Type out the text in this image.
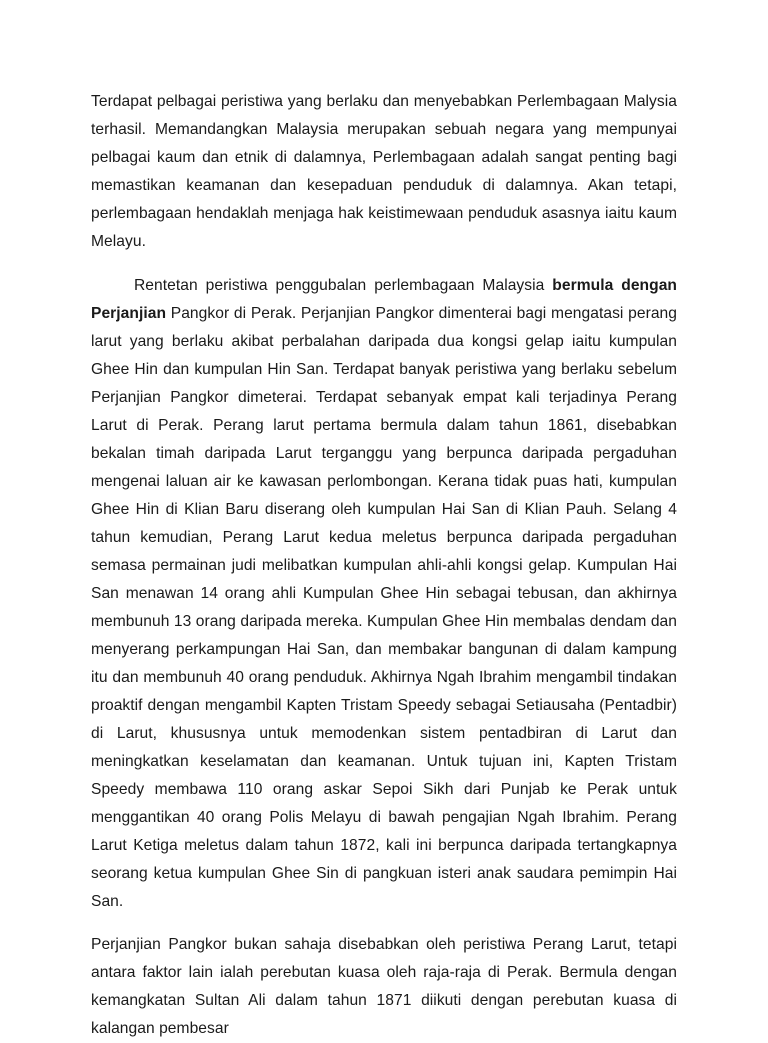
Terdapat pelbagai peristiwa yang berlaku dan menyebabkan Perlembagaan Malysia terhasil. Memandangkan Malaysia merupakan sebuah negara yang mempunyai pelbagai kaum dan etnik di dalamnya, Perlembagaan adalah sangat penting bagi memastikan keamanan dan kesepaduan penduduk di dalamnya. Akan tetapi, perlembagaan hendaklah menjaga hak keistimewaan penduduk asasnya iaitu kaum Melayu.

Rentetan peristiwa penggubalan perlembagaan Malaysia bermula dengan Perjanjian Pangkor di Perak. Perjanjian Pangkor dimenterai bagi mengatasi perang larut yang berlaku akibat perbalahan daripada dua kongsi gelap iaitu kumpulan Ghee Hin dan kumpulan Hin San. Terdapat banyak peristiwa yang berlaku sebelum Perjanjian Pangkor dimeterai. Terdapat sebanyak empat kali terjadinya Perang Larut di Perak. Perang larut pertama bermula dalam tahun 1861, disebabkan bekalan timah daripada Larut terganggu yang berpunca daripada pergaduhan mengenai laluan air ke kawasan perlombongan. Kerana tidak puas hati, kumpulan Ghee Hin di Klian Baru diserang oleh kumpulan Hai San di Klian Pauh. Selang 4 tahun kemudian, Perang Larut kedua meletus berpunca daripada pergaduhan semasa permainan judi melibatkan kumpulan ahli-ahli kongsi gelap. Kumpulan Hai San menawan 14 orang ahli Kumpulan Ghee Hin sebagai tebusan, dan akhirnya membunuh 13 orang daripada mereka. Kumpulan Ghee Hin membalas dendam dan menyerang perkampungan Hai San, dan membakar bangunan di dalam kampung itu dan membunuh 40 orang penduduk. Akhirnya Ngah Ibrahim mengambil tindakan proaktif dengan mengambil Kapten Tristam Speedy sebagai Setiausaha (Pentadbir) di Larut, khususnya untuk memodenkan sistem pentadbiran di Larut dan meningkatkan keselamatan dan keamanan. Untuk tujuan ini, Kapten Tristam Speedy membawa 110 orang askar Sepoi Sikh dari Punjab ke Perak untuk menggantikan 40 orang Polis Melayu di bawah pengajian Ngah Ibrahim. Perang Larut Ketiga meletus dalam tahun 1872, kali ini berpunca daripada tertangkapnya seorang ketua kumpulan Ghee Sin di pangkuan isteri anak saudara pemimpin Hai San.

Perjanjian Pangkor bukan sahaja disebabkan oleh peristiwa Perang Larut, tetapi antara faktor lain ialah perebutan kuasa oleh raja-raja di Perak. Bermula dengan kemangkatan Sultan Ali dalam tahun 1871 diikuti dengan perebutan kuasa di kalangan pembesar
